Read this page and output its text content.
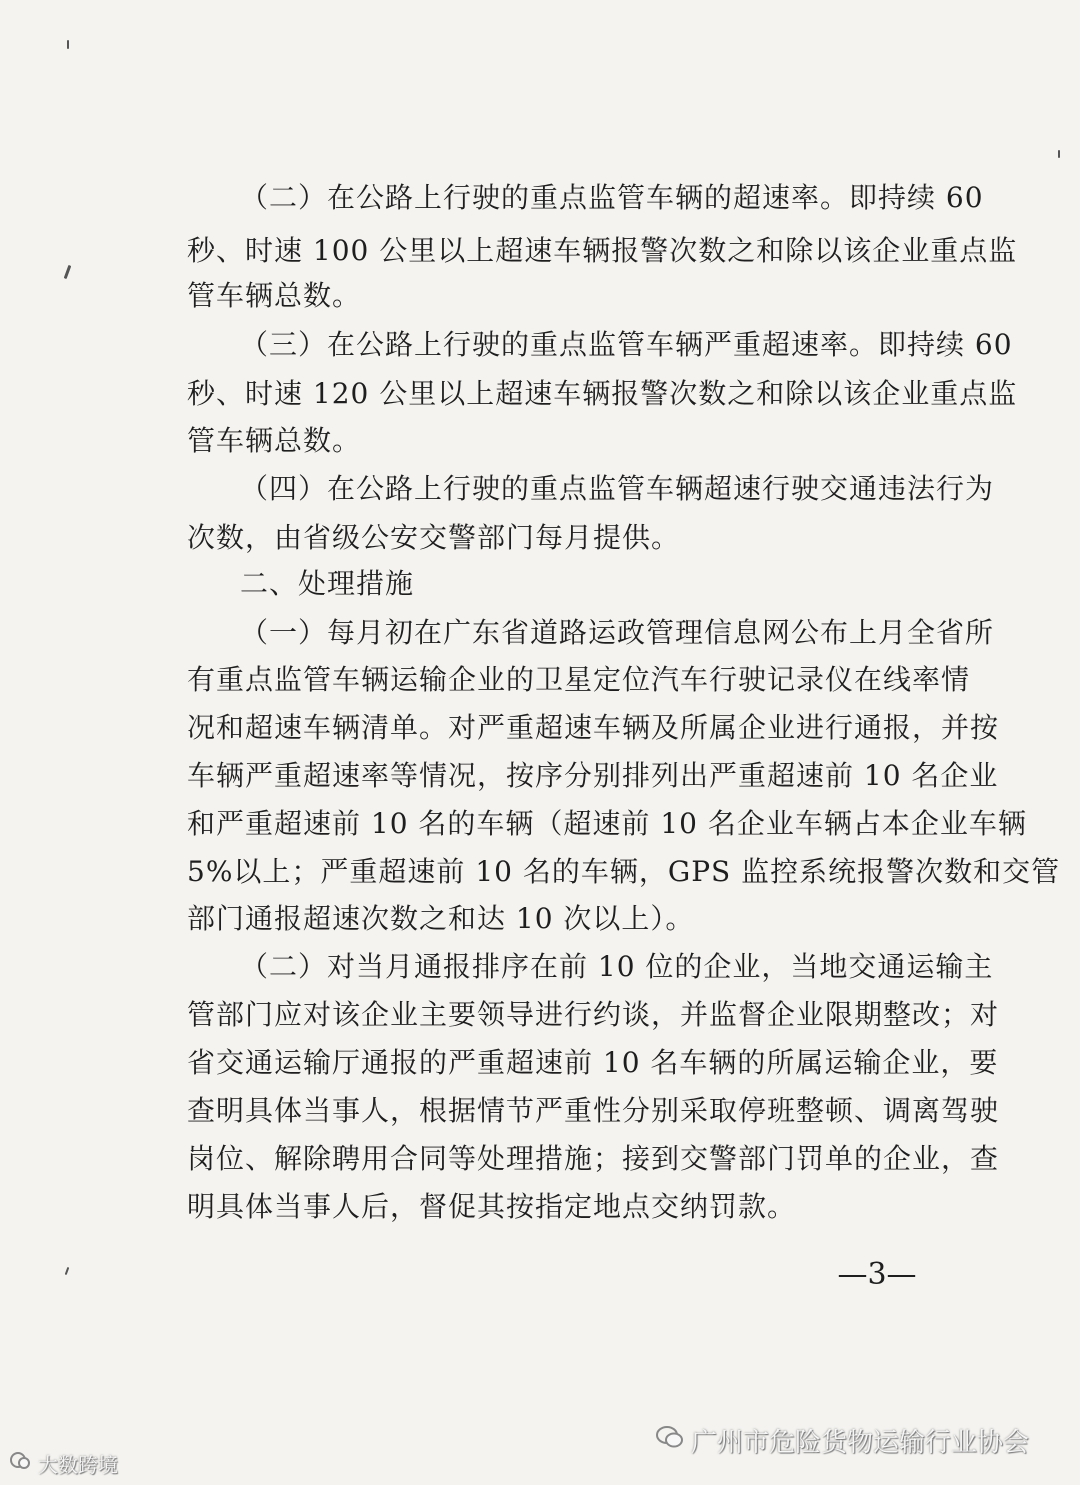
（二）在公路上行驶的重点监管车辆的超速率。即持续 60
秒、时速 100 公里以上超速车辆报警次数之和除以该企业重点监
管车辆总数。
（三）在公路上行驶的重点监管车辆严重超速率。即持续 60
秒、时速 120 公里以上超速车辆报警次数之和除以该企业重点监
管车辆总数。
（四）在公路上行驶的重点监管车辆超速行驶交通违法行为
次数，由省级公安交警部门每月提供。
二、处理措施
（一）每月初在广东省道路运政管理信息网公布上月全省所
有重点监管车辆运输企业的卫星定位汽车行驶记录仪在线率情
况和超速车辆清单。对严重超速车辆及所属企业进行通报，并按
车辆严重超速率等情况，按序分别排列出严重超速前 10 名企业
和严重超速前 10 名的车辆（超速前 10 名企业车辆占本企业车辆
5%以上；严重超速前 10 名的车辆，GPS 监控系统报警次数和交管
部门通报超速次数之和达 10 次以上）。
（二）对当月通报排序在前 10 位的企业，当地交通运输主
管部门应对该企业主要领导进行约谈，并监督企业限期整改；对
省交通运输厅通报的严重超速前 10 名车辆的所属运输企业，要
查明具体当事人，根据情节严重性分别采取停班整顿、调离驾驶
岗位、解除聘用合同等处理措施；接到交警部门罚单的企业，查
明具体当事人后，督促其按指定地点交纳罚款。
—3—
广州市危险货物运输行业协会
大数跨境
